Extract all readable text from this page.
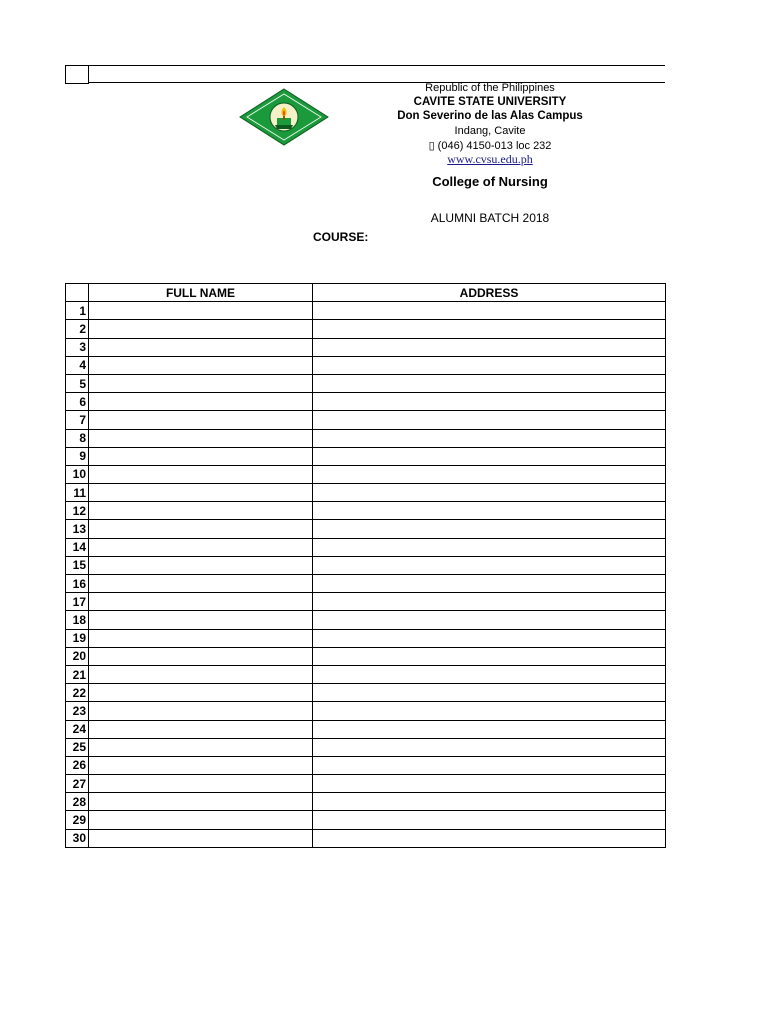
Republic of the Philippines
CAVITE STATE UNIVERSITY
Don Severino de las Alas Campus
Indang, Cavite
▯ (046) 4150-013 loc 232
www.cvsu.edu.ph
College of Nursing
ALUMNI BATCH 2018
COURSE:
	FULL NAME	ADDRESS
1		
2		
3		
4		
5		
6		
7		
8		
9		
10		
11		
12		
13		
14		
15		
16		
17		
18		
19		
20		
21		
22		
23		
24		
25		
26		
27		
28		
29		
30		
